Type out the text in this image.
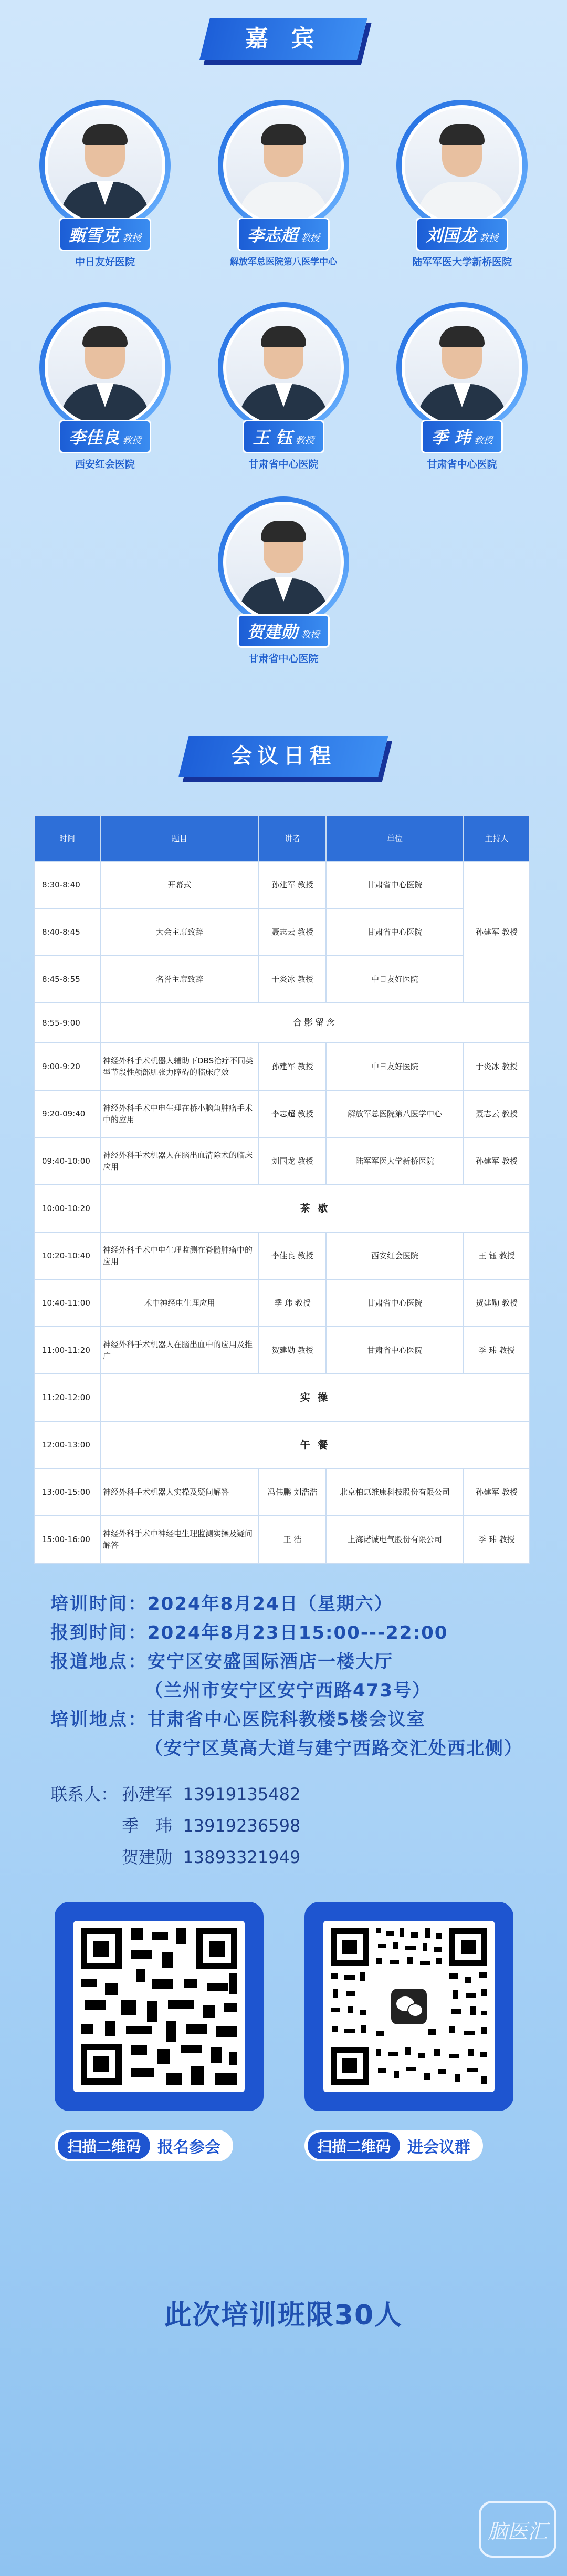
嘉 宾
甄雪克 教授
中日友好医院
李志超 教授
解放军总医院第八医学中心
刘国龙 教授
陆军军医大学新桥医院
李佳良 教授
西安红会医院
王 钰 教授
甘肃省中心医院
季 玮 教授
甘肃省中心医院
贺建勋 教授
甘肃省中心医院
会议日程
时间	题目	讲者	单位	主持人
8:30-8:40	开幕式	孙建军 教授	甘肃省中心医院	孙建军 教授
8:40-8:45	大会主席致辞	聂志云 教授	甘肃省中心医院	
8:45-8:55	名誉主席致辞	于炎冰 教授	中日友好医院	
8:55-9:00	合影留念			
9:00-9:20	神经外科手术机器人辅助下DBS治疗不同类型节段性颅部肌张力障碍的临床疗效	孙建军 教授	中日友好医院	于炎冰 教授
9:20-09:40	神经外科手术中电生理在桥小脑角肿瘤手术中的应用	李志超 教授	解放军总医院第八医学中心	聂志云 教授
09:40-10:00	神经外科手术机器人在脑出血清除术的临床应用	刘国龙 教授	陆军军医大学新桥医院	孙建军 教授
10:00-10:20	茶 歇			
10:20-10:40	神经外科手术中电生理监测在脊髓肿瘤中的应用	李佳良 教授	西安红会医院	王 钰 教授
10:40-11:00	术中神经电生理应用	季 玮 教授	甘肃省中心医院	贺建勋 教授
11:00-11:20	神经外科手术机器人在脑出血中的应用及推广	贺建勋 教授	甘肃省中心医院	季 玮 教授
11:20-12:00	实 操			
12:00-13:00	午 餐			
13:00-15:00	神经外科手术机器人实操及疑问解答	冯伟鹏 刘浩浩	北京柏惠维康科技股份有限公司	孙建军 教授
15:00-16:00	神经外科手术中神经电生理监测实操及疑问解答	王 浩	上海诺诚电气股份有限公司	季 玮 教授
培训时间：2024年8月24日（星期六）
报到时间：2024年8月23日15:00---22:00
报道地点：安宁区安盛国际酒店一楼大厅
（兰州市安宁区安宁西路473号）
培训地点：甘肃省中心医院科教楼5楼会议室
（安宁区莫高大道与建宁西路交汇处西北侧）
联系人： 孙建军 13919135482
季　玮 13919236598
贺建勋 13893321949
扫描二维码	报名参会	扫描二维码	进会议群
此次培训班限30人
脑医汇
